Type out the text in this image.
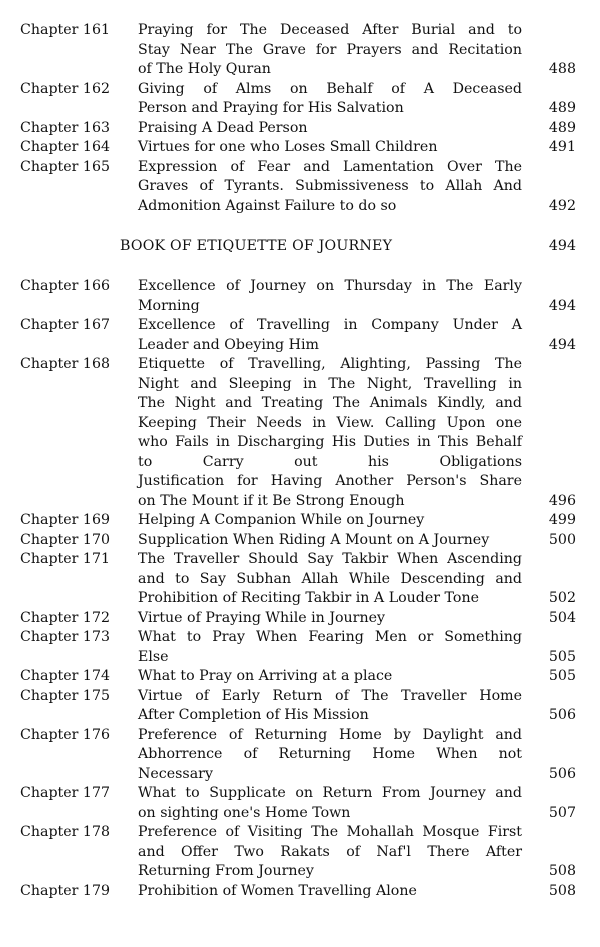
Chapter 161 Praying for The Deceased After Burial and to
Stay Near The Grave for Prayers and Recitation
of The Holy Quran	488
Chapter 162 Giving of Alms on Behalf of A Deceased
Person and Praying for His Salvation	489
Chapter 163 Praising A Dead Person	489
Chapter 164 Virtues for one who Loses Small Children	491
Chapter 165 Expression of Fear and Lamentation Over The
Graves of Tyrants. Submissiveness to Allah And
Admonition Against Failure to do so	492
BOOK OF ETIQUETTE OF JOURNEY	494
Chapter 166 Excellence of Journey on Thursday in The Early
Morning	494
Chapter 167 Excellence of Travelling in Company Under A
Leader and Obeying Him	494
Chapter 168 Etiquette of Travelling, Alighting, Passing The
Night and Sleeping in The Night, Travelling in
The Night and Treating The Animals Kindly, and
Keeping Their Needs in View. Calling Upon one
who Fails in Discharging His Duties in This Behalf
to Carry out his Obligations
Justification for Having Another Person's Share
on The Mount if it Be Strong Enough	496
Chapter 169 Helping A Companion While on Journey	499
Chapter 170 Supplication When Riding A Mount on A Journey	500
Chapter 171 The Traveller Should Say Takbir When Ascending
and to Say Subhan Allah While Descending and
Prohibition of Reciting Takbir in A Louder Tone	502
Chapter 172 Virtue of Praying While in Journey	504
Chapter 173 What to Pray When Fearing Men or Something
Else	505
Chapter 174 What to Pray on Arriving at a place	505
Chapter 175 Virtue of Early Return of The Traveller Home
After Completion of His Mission	506
Chapter 176 Preference of Returning Home by Daylight and
Abhorrence of Returning Home When not
Necessary	506
Chapter 177 What to Supplicate on Return From Journey and
on sighting one's Home Town	507
Chapter 178 Preference of Visiting The Mohallah Mosque First
and Offer Two Rakats of Naf'l There After
Returning From Journey	508
Chapter 179 Prohibition of Women Travelling Alone	508
